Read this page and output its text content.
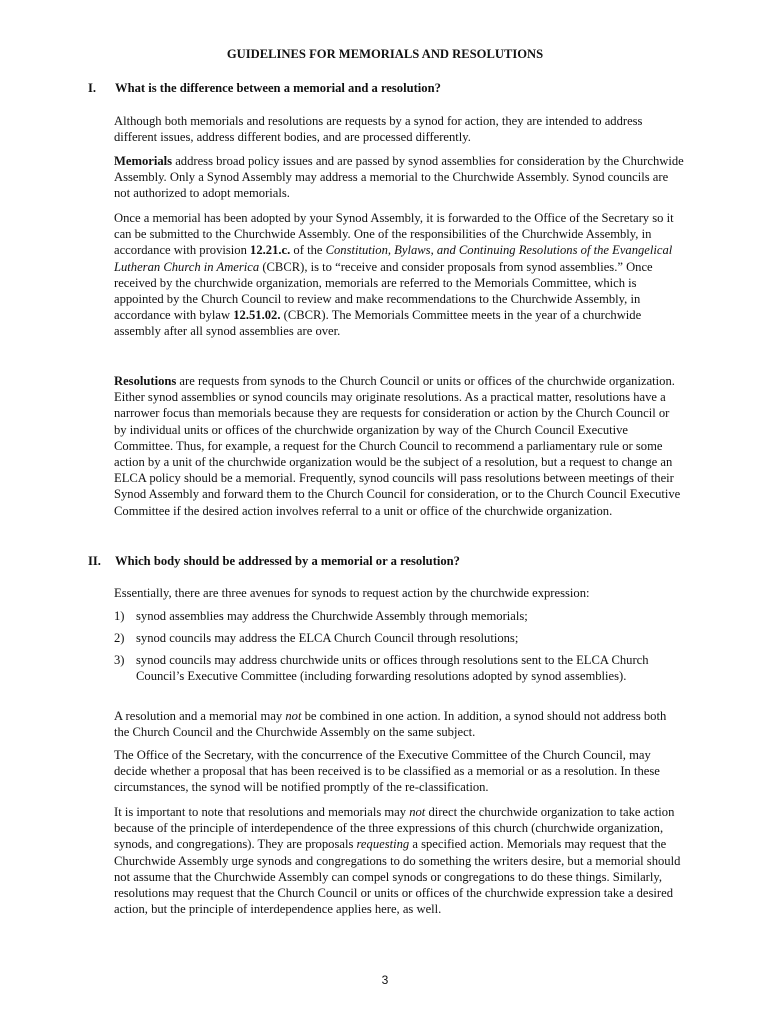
GUIDELINES FOR MEMORIALS AND RESOLUTIONS
I. What is the difference between a memorial and a resolution?

Although both memorials and resolutions are requests by a synod for action, they are intended to address different issues, address different bodies, and are processed differently.

Memorials address broad policy issues and are passed by synod assemblies for consideration by the Churchwide Assembly. Only a Synod Assembly may address a memorial to the Churchwide Assembly. Synod councils are not authorized to adopt memorials.

Once a memorial has been adopted by your Synod Assembly, it is forwarded to the Office of the Secretary so it can be submitted to the Churchwide Assembly. One of the responsibilities of the Churchwide Assembly, in accordance with provision 12.21.c. of the Constitution, Bylaws, and Continuing Resolutions of the Evangelical Lutheran Church in America (CBCR), is to “receive and consider proposals from synod assemblies.” Once received by the churchwide organization, memorials are referred to the Memorials Committee, which is appointed by the Church Council to review and make recommendations to the Churchwide Assembly, in accordance with bylaw 12.51.02. (CBCR). The Memorials Committee meets in the year of a churchwide assembly after all synod assemblies are over.

Resolutions are requests from synods to the Church Council or units or offices of the churchwide organization. Either synod assemblies or synod councils may originate resolutions. As a practical matter, resolutions have a narrower focus than memorials because they are requests for consideration or action by the Church Council or by individual units or offices of the churchwide organization by way of the Church Council Executive Committee. Thus, for example, a request for the Church Council to recommend a parliamentary rule or some action by a unit of the churchwide organization would be the subject of a resolution, but a request to change an ELCA policy should be a memorial. Frequently, synod councils will pass resolutions between meetings of their Synod Assembly and forward them to the Church Council for consideration, or to the Church Council Executive Committee if the desired action involves referral to a unit or office of the churchwide organization.

II. Which body should be addressed by a memorial or a resolution?

Essentially, there are three avenues for synods to request action by the churchwide expression:

1) synod assemblies may address the Churchwide Assembly through memorials;
2) synod councils may address the ELCA Church Council through resolutions;
3) synod councils may address churchwide units or offices through resolutions sent to the ELCA Church Council’s Executive Committee (including forwarding resolutions adopted by synod assemblies).

A resolution and a memorial may not be combined in one action. In addition, a synod should not address both the Church Council and the Churchwide Assembly on the same subject.

The Office of the Secretary, with the concurrence of the Executive Committee of the Church Council, may decide whether a proposal that has been received is to be classified as a memorial or as a resolution. In these circumstances, the synod will be notified promptly of the re-classification.

It is important to note that resolutions and memorials may not direct the churchwide organization to take action because of the principle of interdependence of the three expressions of this church (churchwide organization, synods, and congregations). They are proposals requesting a specified action. Memorials may request that the Churchwide Assembly urge synods and congregations to do something the writers desire, but a memorial should not assume that the Churchwide Assembly can compel synods or congregations to do these things. Similarly, resolutions may request that the Church Council or units or offices of the churchwide expression take a desired action, but the principle of interdependence applies here, as well.

3
